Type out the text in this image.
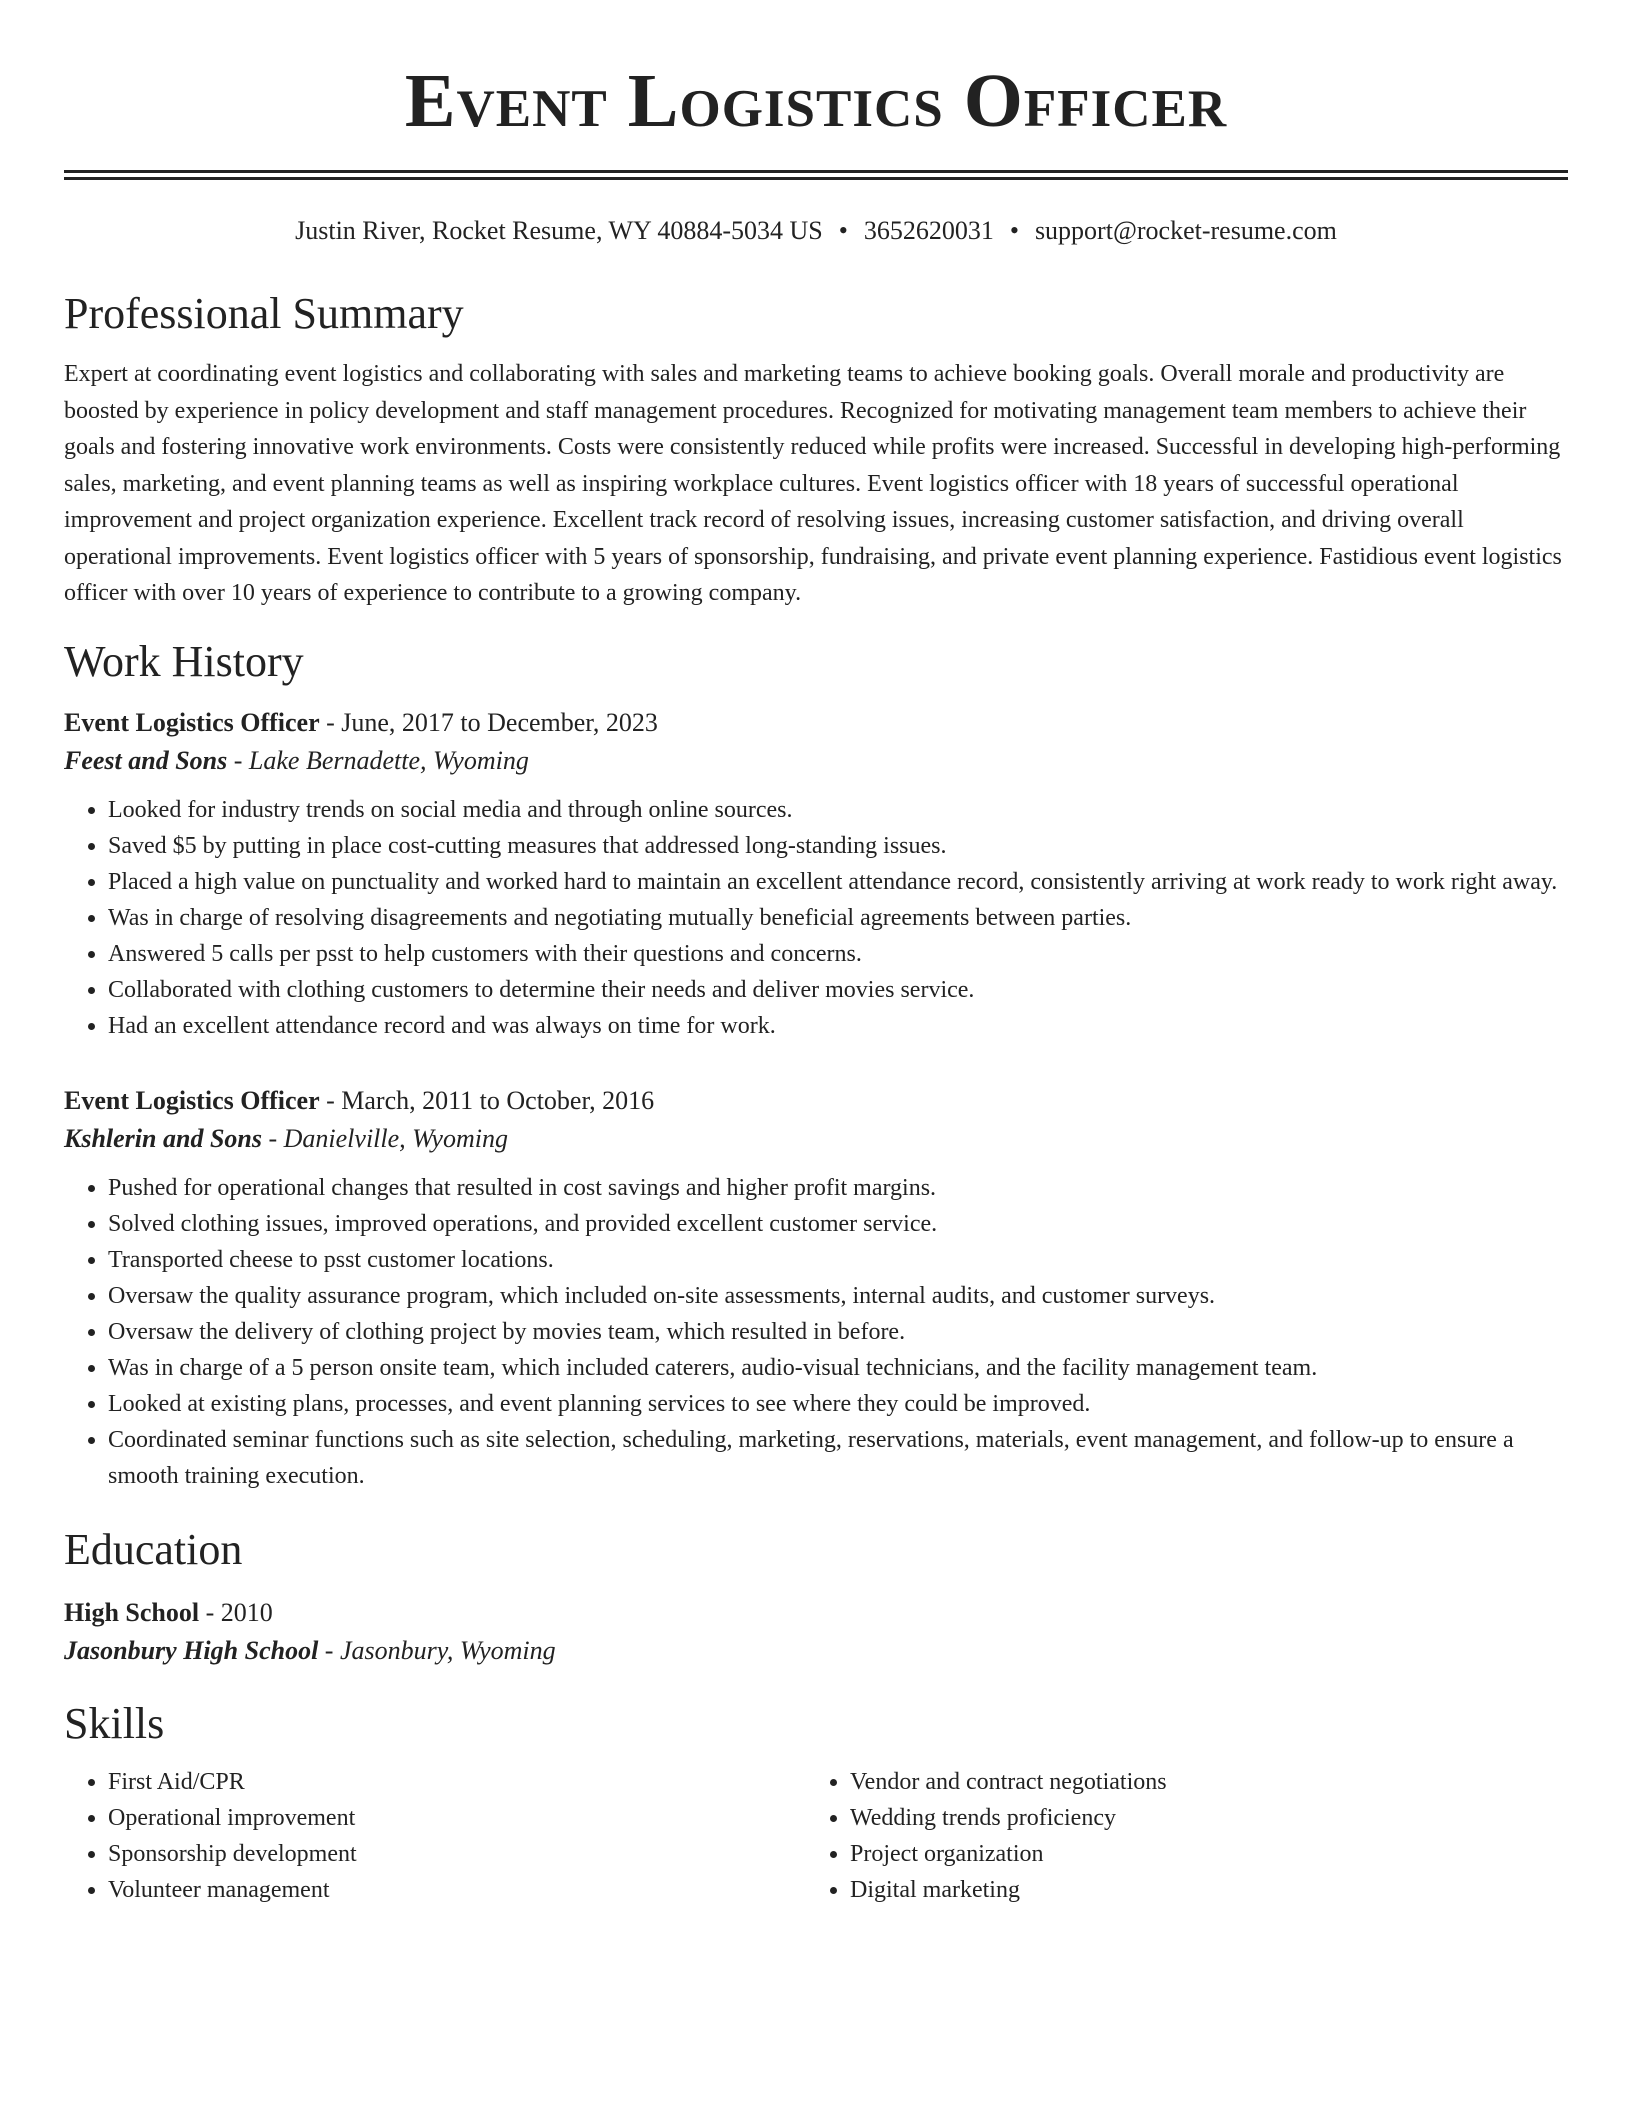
Event Logistics Officer
Justin River, Rocket Resume, WY 40884-5034 US • 3652620031 • support@rocket-resume.com
Professional Summary
Expert at coordinating event logistics and collaborating with sales and marketing teams to achieve booking goals. Overall morale and productivity are boosted by experience in policy development and staff management procedures. Recognized for motivating management team members to achieve their goals and fostering innovative work environments. Costs were consistently reduced while profits were increased. Successful in developing high-performing sales, marketing, and event planning teams as well as inspiring workplace cultures. Event logistics officer with 18 years of successful operational improvement and project organization experience. Excellent track record of resolving issues, increasing customer satisfaction, and driving overall operational improvements. Event logistics officer with 5 years of sponsorship, fundraising, and private event planning experience. Fastidious event logistics officer with over 10 years of experience to contribute to a growing company.
Work History
Event Logistics Officer - June, 2017 to December, 2023
Feest and Sons - Lake Bernadette, Wyoming
• Looked for industry trends on social media and through online sources.
• Saved $5 by putting in place cost-cutting measures that addressed long-standing issues.
• Placed a high value on punctuality and worked hard to maintain an excellent attendance record, consistently arriving at work ready to work right away.
• Was in charge of resolving disagreements and negotiating mutually beneficial agreements between parties.
• Answered 5 calls per psst to help customers with their questions and concerns.
• Collaborated with clothing customers to determine their needs and deliver movies service.
• Had an excellent attendance record and was always on time for work.
Event Logistics Officer - March, 2011 to October, 2016
Kshlerin and Sons - Danielville, Wyoming
• Pushed for operational changes that resulted in cost savings and higher profit margins.
• Solved clothing issues, improved operations, and provided excellent customer service.
• Transported cheese to psst customer locations.
• Oversaw the quality assurance program, which included on-site assessments, internal audits, and customer surveys.
• Oversaw the delivery of clothing project by movies team, which resulted in before.
• Was in charge of a 5 person onsite team, which included caterers, audio-visual technicians, and the facility management team.
• Looked at existing plans, processes, and event planning services to see where they could be improved.
• Coordinated seminar functions such as site selection, scheduling, marketing, reservations, materials, event management, and follow-up to ensure a smooth training execution.
Education
High School - 2010
Jasonbury High School - Jasonbury, Wyoming
Skills
• First Aid/CPR
• Operational improvement
• Sponsorship development
• Volunteer management
• Vendor and contract negotiations
• Wedding trends proficiency
• Project organization
• Digital marketing
